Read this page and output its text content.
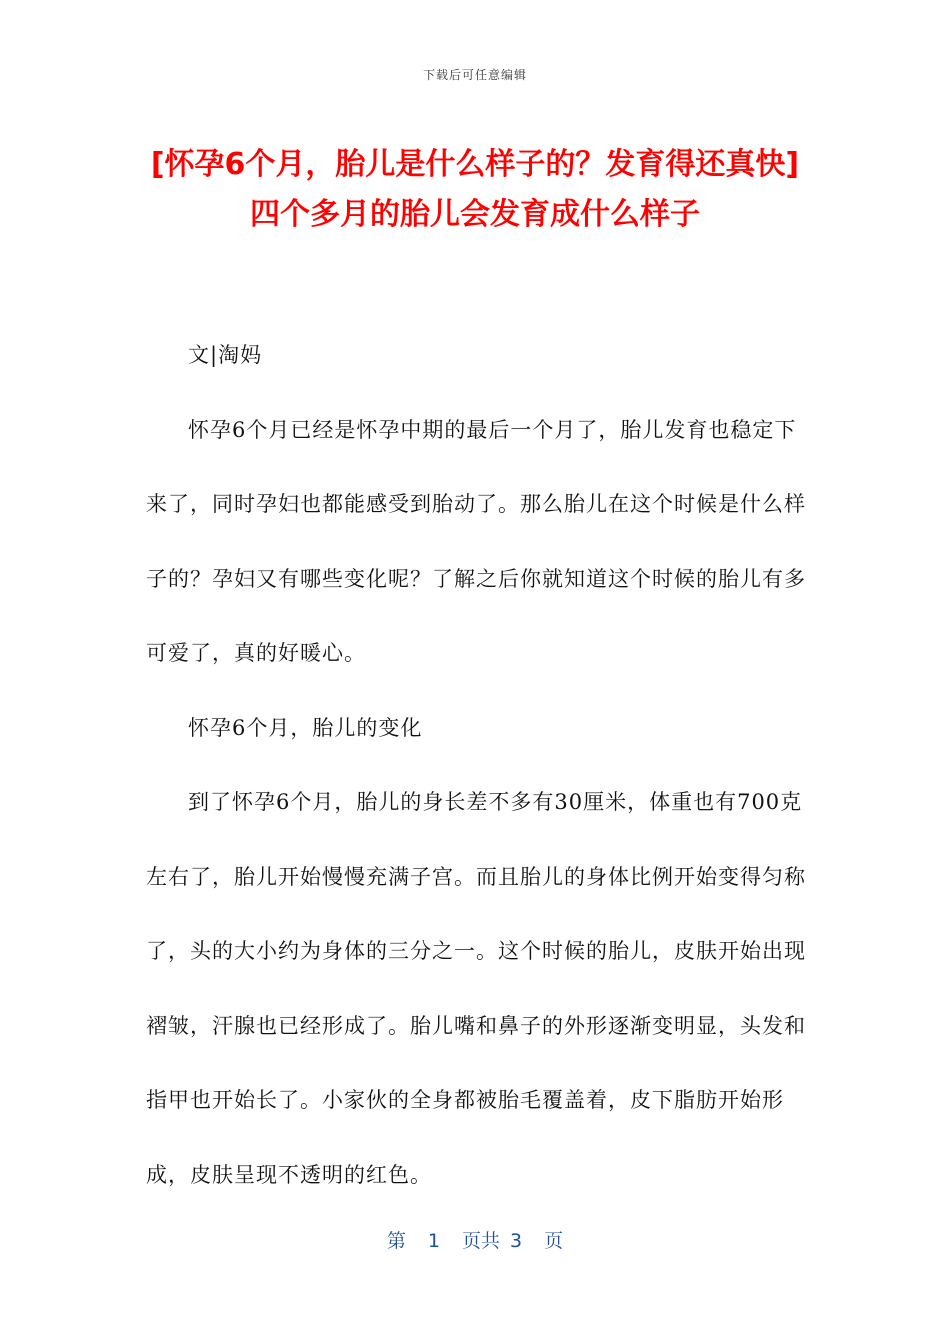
下载后可任意编辑
[怀孕6个月，胎儿是什么样子的？发育得还真快] 四个多月的胎儿会发育成什么样子

文|淘妈

怀孕6个月已经是怀孕中期的最后一个月了，胎儿发育也稳定下来了，同时孕妇也都能感受到胎动了。那么胎儿在这个时候是什么样子的？孕妇又有哪些变化呢？了解之后你就知道这个时候的胎儿有多可爱了，真的好暖心。

怀孕6个月，胎儿的变化

到了怀孕6个月，胎儿的身长差不多有30厘米，体重也有700克左右了，胎儿开始慢慢充满子宫。而且胎儿的身体比例开始变得匀称了，头的大小约为身体的三分之一。这个时候的胎儿，皮肤开始出现褶皱，汗腺也已经形成了。胎儿嘴和鼻子的外形逐渐变明显，头发和指甲也开始长了。小家伙的全身都被胎毛覆盖着，皮下脂肪开始形成，皮肤呈现不透明的红色。

第 1 页共 3 页
